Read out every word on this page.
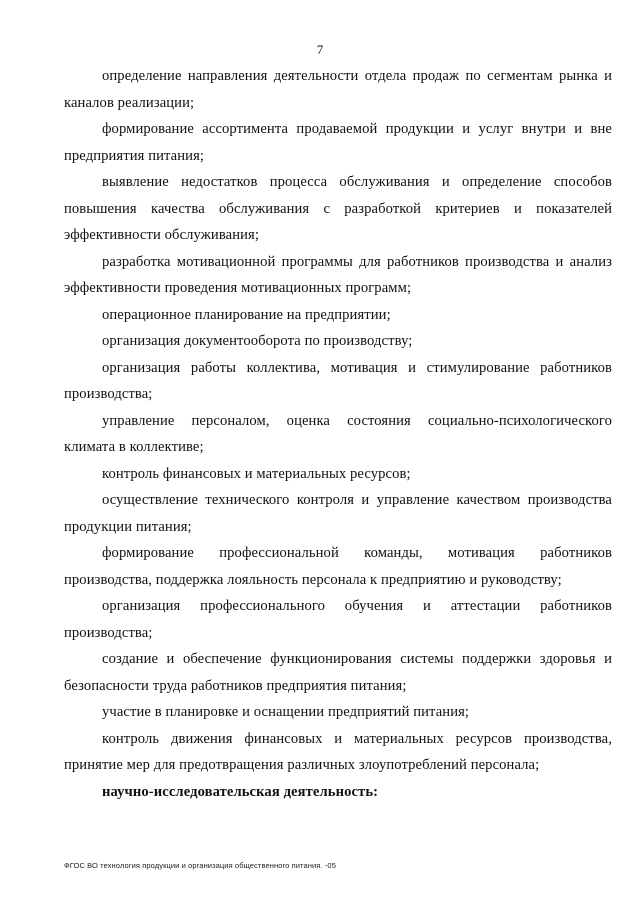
7

определение направления деятельности отдела продаж по сегментам рынка и каналов реализации;

формирование ассортимента продаваемой продукции и услуг внутри и вне предприятия питания;

выявление недостатков процесса обслуживания и определение способов повышения качества обслуживания с разработкой критериев и показателей эффективности обслуживания;

разработка мотивационной программы для работников производства и анализ эффективности проведения мотивационных программ;

операционное планирование на предприятии;

организация документооборота по производству;

организация работы коллектива, мотивация и стимулирование работников производства;

управление персоналом, оценка состояния социально-психологического климата в коллективе;

контроль финансовых и материальных ресурсов;

осуществление технического контроля и управление качеством производства продукции питания;

формирование профессиональной команды, мотивация работников производства, поддержка лояльность персонала к предприятию и руководству;

организация профессионального обучения и аттестации работников производства;

создание и обеспечение функционирования системы поддержки здоровья и безопасности труда работников предприятия питания;

участие в планировке и оснащении предприятий питания;

контроль движения финансовых и материальных ресурсов производства, принятие мер для предотвращения различных злоупотреблений персонала;

научно-исследовательская деятельность:

ФГОС ВО технология продукции и организация общественного питания. -05
